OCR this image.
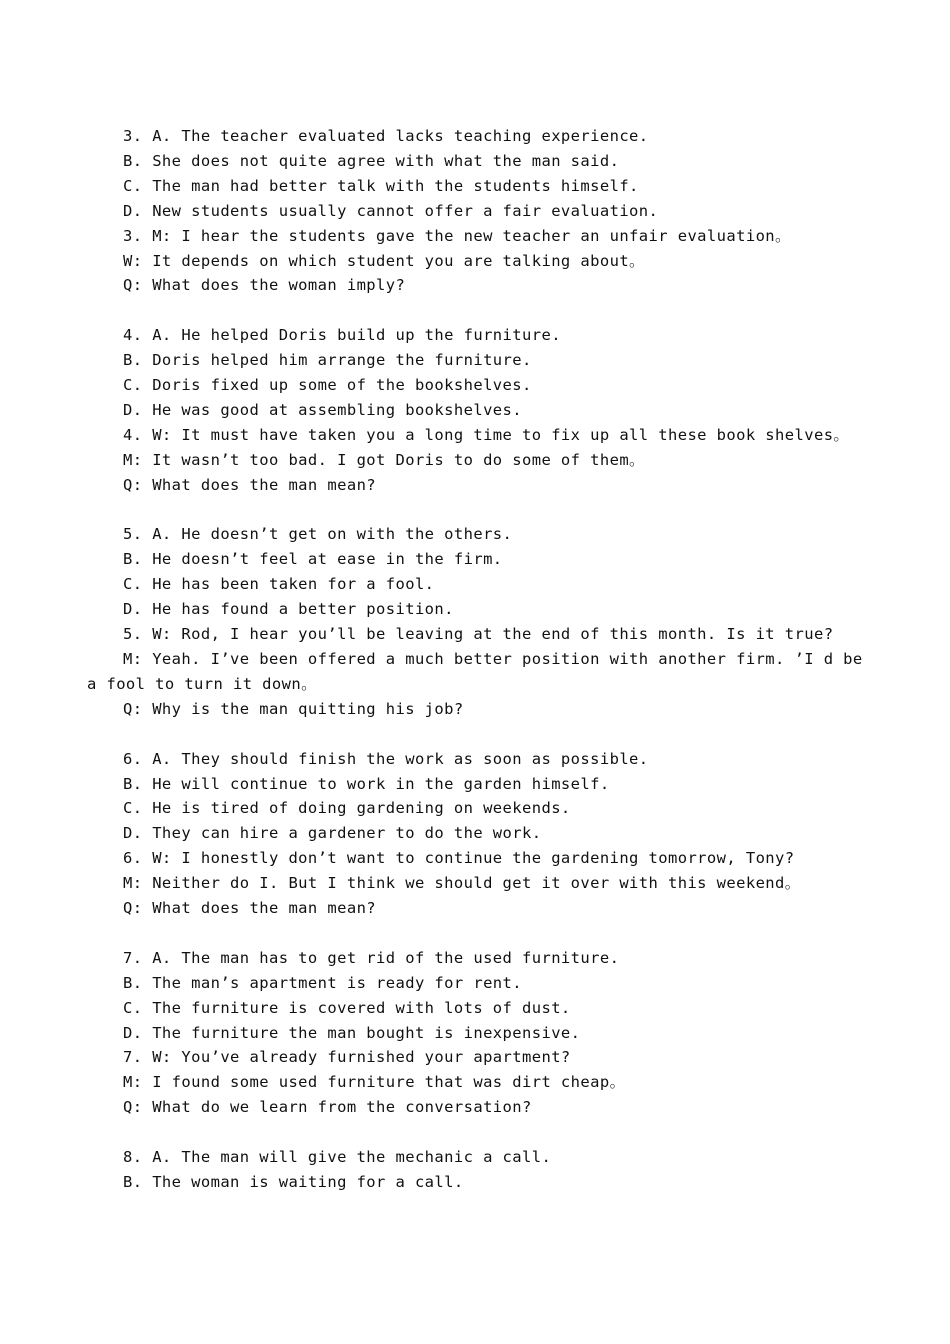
3. A. The teacher evaluated lacks teaching experience.
B. She does not quite agree with what the man said.
C. The man had better talk with the students himself.
D. New students usually cannot offer a fair evaluation.
3. M: I hear the students gave the new teacher an unfair evaluation。
W: It depends on which student you are talking about。
Q: What does the woman imply?
4. A. He helped Doris build up the furniture.
B. Doris helped him arrange the furniture.
C. Doris fixed up some of the bookshelves.
D. He was good at assembling bookshelves.
4. W: It must have taken you a long time to fix up all these book shelves。
M: It wasn’t too bad. I got Doris to do some of them。
Q: What does the man mean?
5. A. He doesn’t get on with the others.
B. He doesn’t feel at ease in the firm.
C. He has been taken for a fool.
D. He has found a better position.
5. W: Rod, I hear you’ll be leaving at the end of this month. Is it true?
M: Yeah. I’ve been offered a much better position with another firm. ’I d be a fool to turn it down。
Q: Why is the man quitting his job?
6. A. They should finish the work as soon as possible.
B. He will continue to work in the garden himself.
C. He is tired of doing gardening on weekends.
D. They can hire a gardener to do the work.
6. W: I honestly don’t want to continue the gardening tomorrow, Tony?
M: Neither do I. But I think we should get it over with this weekend。
Q: What does the man mean?
7. A. The man has to get rid of the used furniture.
B. The man’s apartment is ready for rent.
C. The furniture is covered with lots of dust.
D. The furniture the man bought is inexpensive.
7. W: You’ve already furnished your apartment?
M: I found some used furniture that was dirt cheap。
Q: What do we learn from the conversation?
8. A. The man will give the mechanic a call.
B. The woman is waiting for a call.
